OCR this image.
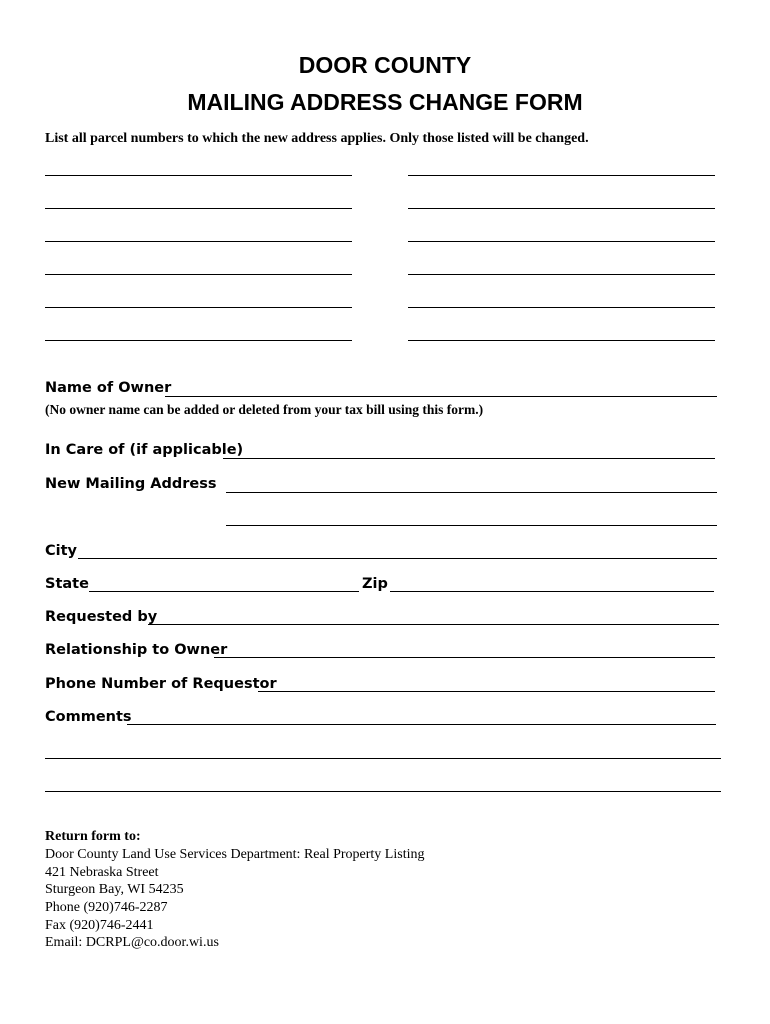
DOOR COUNTY
MAILING ADDRESS CHANGE FORM
List all parcel numbers to which the new address applies. Only those listed will be changed.
Name of Owner
(No owner name can be added or deleted from your tax bill using this form.)
In Care of (if applicable)
New Mailing Address
City
State	Zip
Requested by
Relationship to Owner
Phone Number of Requestor
Comments
Return form to:
Door County Land Use Services Department: Real Property Listing
421 Nebraska Street
Sturgeon Bay, WI 54235
Phone (920)746-2287
Fax (920)746-2441
Email: DCRPL@co.door.wi.us
